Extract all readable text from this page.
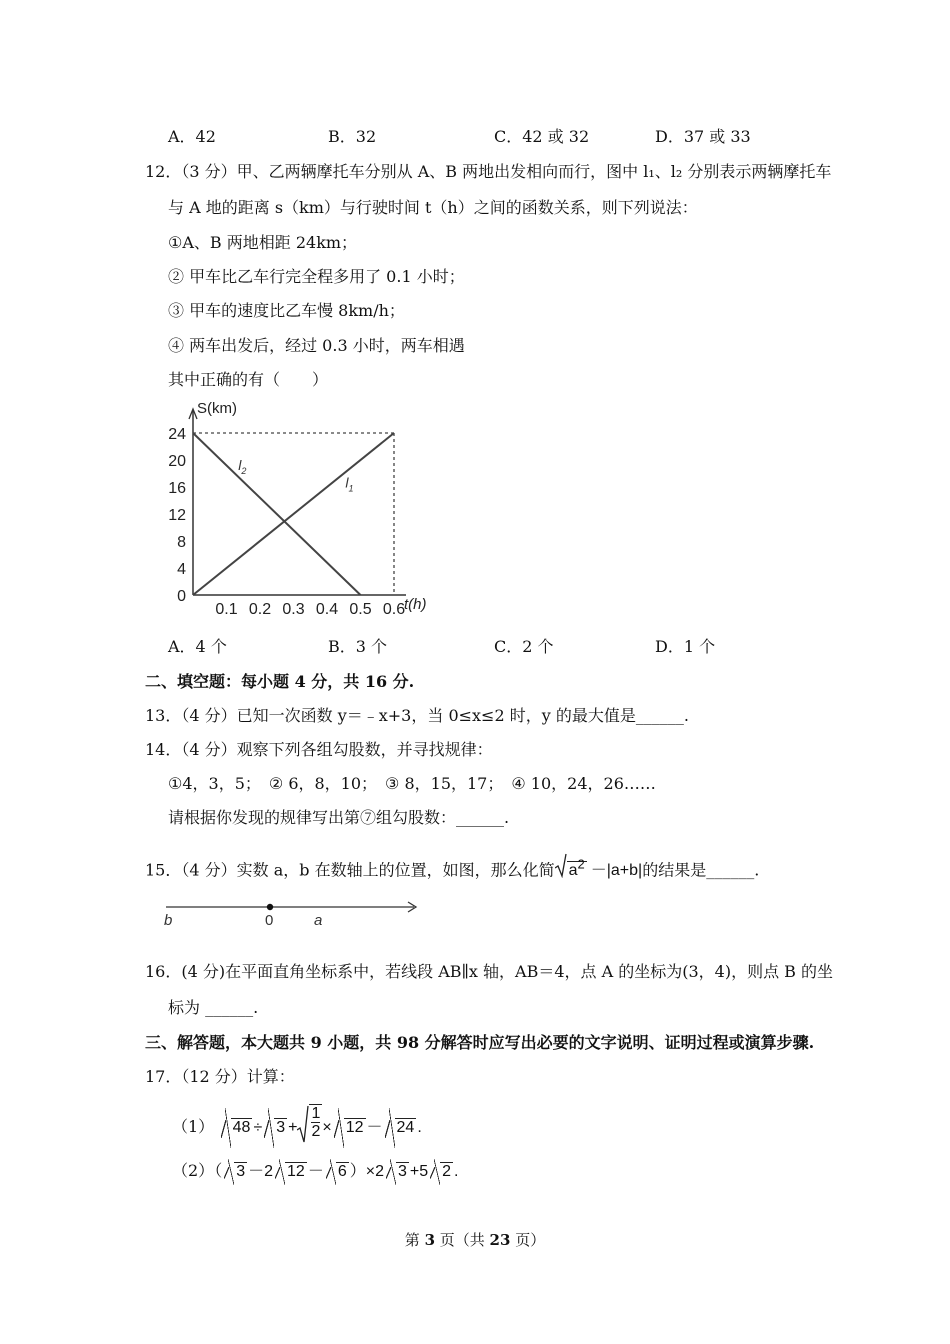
A．42	B．32	C．42 或 32	D．37 或 33
12．（3 分）甲、乙两辆摩托车分别从 A、B 两地出发相向而行，图中 l₁、l₂ 分别表示两辆摩托车
与 A 地的距离 s（km）与行驶时间 t（h）之间的函数关系，则下列说法：
①A、B 两地相距 24km；
② 甲车比乙车行完全程多用了 0.1 小时；
③ 甲车的速度比乙车慢 8km/h；
④ 两车出发后，经过 0.3 小时，两车相遇
其中正确的有（　　）
S(km)
t(h)
$l_1$
$l_2$
0
4
8
12
16
20
24
0.1 0.2 0.3 0.4 0.5 0.6
A．4 个	B．3 个	C．2 个	D．1 个
二、填空题：每小题 4 分，共 16 分.
13．（4 分）已知一次函数 y＝﹣x+3，当 0≤x≤2 时，y 的最大值是______.
14．（4 分）观察下列各组勾股数，并寻找规律：
①4，3，5；　② 6，8，10；　③ 8，15，17；　④ 10，24，26……
请根据你发现的规律写出第⑦组勾股数：______.
15．（4 分）实数 a，b 在数轴上的位置，如图，那么化简 $a^2 -|a+b|$的结果是______.
b	0	a
16．(4 分)在平面直角坐标系中，若线段 AB∥x 轴，AB＝4，点 A 的坐标为(3，4)，则点 B 的坐
标为 ______.
三、解答题，本大题共 9 小题，共 98 分解答时应写出必要的文字说明、证明过程或演算步骤.
17．（12 分）计算：
（1） $48 \div 3 + \frac{1}{2} \times 12 - 24$ .
（2）（ 3 －2 12 － 6 ）×2 3 +5 2 .
第 3 页（共 23 页）
